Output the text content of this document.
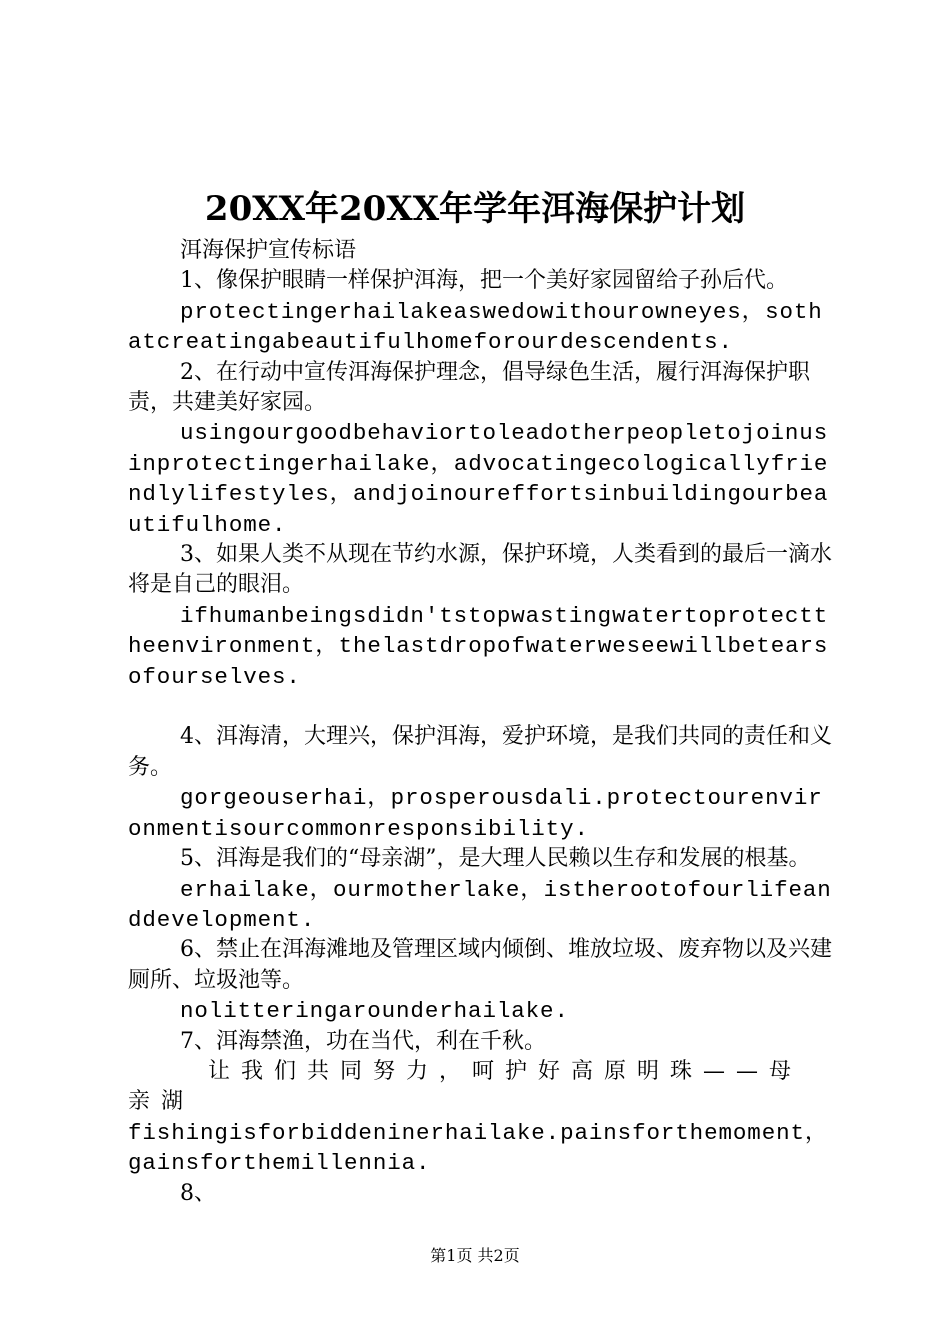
20XX年20XX年学年洱海保护计划

洱海保护宣传标语

1、像保护眼睛一样保护洱海，把一个美好家园留给子孙后代。

protectingerhailakeaswedowithourowneyes，sothatcreatingabeautifulhomeforourdescendents.

2、在行动中宣传洱海保护理念，倡导绿色生活，履行洱海保护职责，共建美好家园。

usingourgoodbehaviortoleadotherpeopletojoinusinprotectingerhailake，advocatingecologicallyfriendlylifestyles，andjoinoureffortsinbuildingourbeautifulhome.

3、如果人类不从现在节约水源，保护环境，人类看到的最后一滴水将是自己的眼泪。

ifhumanbeingsdidn'tstopwastingwatertoprotecttheenvironment，thelastdropofwaterweseewillbetearsofourselves.

4、洱海清，大理兴，保护洱海，爱护环境，是我们共同的责任和义务。

gorgeouserhai，prosperousdali.protectourenvironmentisourcommonresponsibility.

5、洱海是我们的“母亲湖”，是大理人民赖以生存和发展的根基。

erhailake，ourmotherlake，istherootofourlifeanddevelopment.

6、禁止在洱海滩地及管理区域内倾倒、堆放垃圾、废弃物以及兴建厕所、垃圾池等。

nolitteringarounderhailake.

7、洱海禁渔，功在当代，利在千秋。

让我们共同努力，呵护好高原明珠——母亲湖

fishingisforbiddeninerhailake.painsforthemoment，gainsforthemillennia.

8、

第1页 共2页
